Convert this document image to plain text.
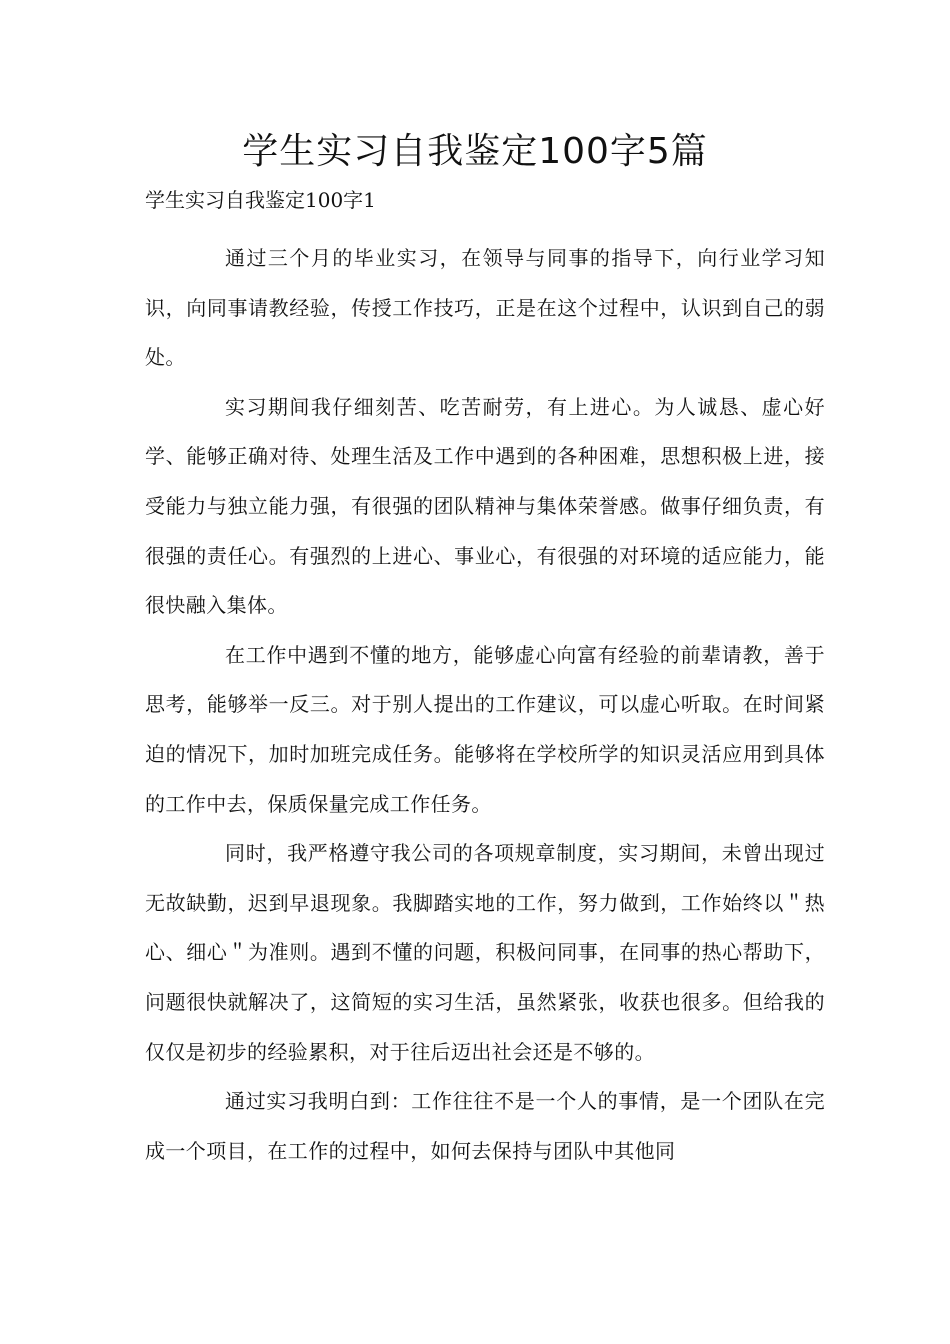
学生实习自我鉴定100字5篇

学生实习自我鉴定100字1

通过三个月的毕业实习，在领导与同事的指导下，向行业学习知识，向同事请教经验，传授工作技巧，正是在这个过程中，认识到自己的弱处。

实习期间我仔细刻苦、吃苦耐劳，有上进心。为人诚恳、虚心好学、能够正确对待、处理生活及工作中遇到的各种困难，思想积极上进，接受能力与独立能力强，有很强的团队精神与集体荣誉感。做事仔细负责，有很强的责任心。有强烈的上进心、事业心，有很强的对环境的适应能力，能很快融入集体。

在工作中遇到不懂的地方，能够虚心向富有经验的前辈请教，善于思考，能够举一反三。对于别人提出的工作建议，可以虚心听取。在时间紧迫的情况下，加时加班完成任务。能够将在学校所学的知识灵活应用到具体的工作中去，保质保量完成工作任务。

同时，我严格遵守我公司的各项规章制度，实习期间，未曾出现过无故缺勤，迟到早退现象。我脚踏实地的工作，努力做到，工作始终以＂热心、细心＂为准则。遇到不懂的问题，积极问同事，在同事的热心帮助下，问题很快就解决了，这简短的实习生活，虽然紧张，收获也很多。但给我的仅仅是初步的经验累积，对于往后迈出社会还是不够的。

通过实习我明白到：工作往往不是一个人的事情，是一个团队在完成一个项目，在工作的过程中，如何去保持与团队中其他同
